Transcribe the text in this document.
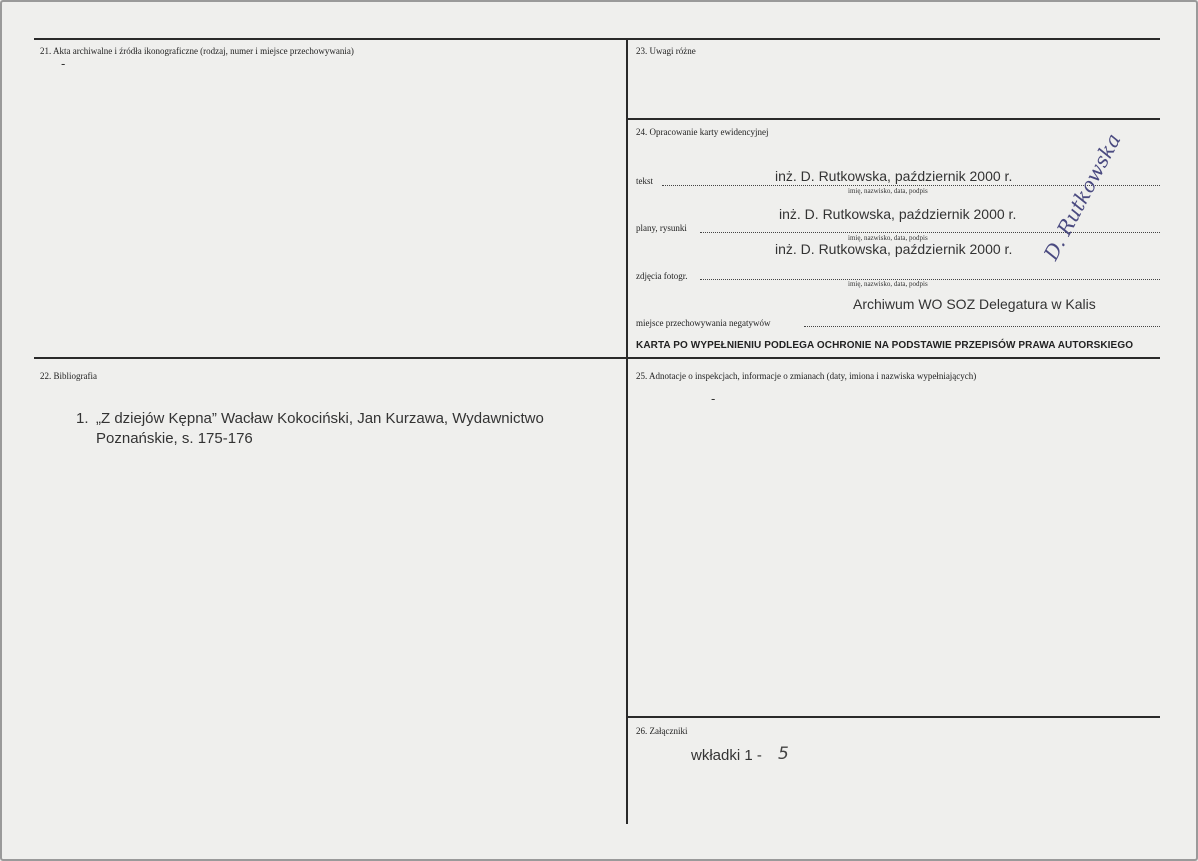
21. Akta archiwalne i źródła ikonograficzne (rodzaj, numer i miejsce przechowywania)
-
22. Bibliografia
1. „Z dziejów Kępna” Wacław Kokociński, Jan Kurzawa, Wydawnictwo Poznańskie, s. 175-176
23. Uwagi różne
24. Opracowanie karty ewidencyjnej
tekst	inż. D. Rutkowska, październik 2000 r.
imię, nazwisko, data, podpis
inż. D. Rutkowska, październik 2000 r.
plany, rysunki
imię, nazwisko, data, podpis
inż. D. Rutkowska, październik 2000 r.
zdjęcia fotogr.
imię, nazwisko, data, podpis
Archiwum WO SOZ Delegatura w Kalis
miejsce przechowywania negatywów
KARTA PO WYPEŁNIENIU PODLEGA OCHRONIE NA PODSTAWIE PRZEPISÓW PRAWA AUTORSKIEGO
D. Rutkowska
25. Adnotacje o inspekcjach, informacje o zmianach (daty, imiona i nazwiska wypełniających)
-
26. Załączniki
wkładki 1 - 5
